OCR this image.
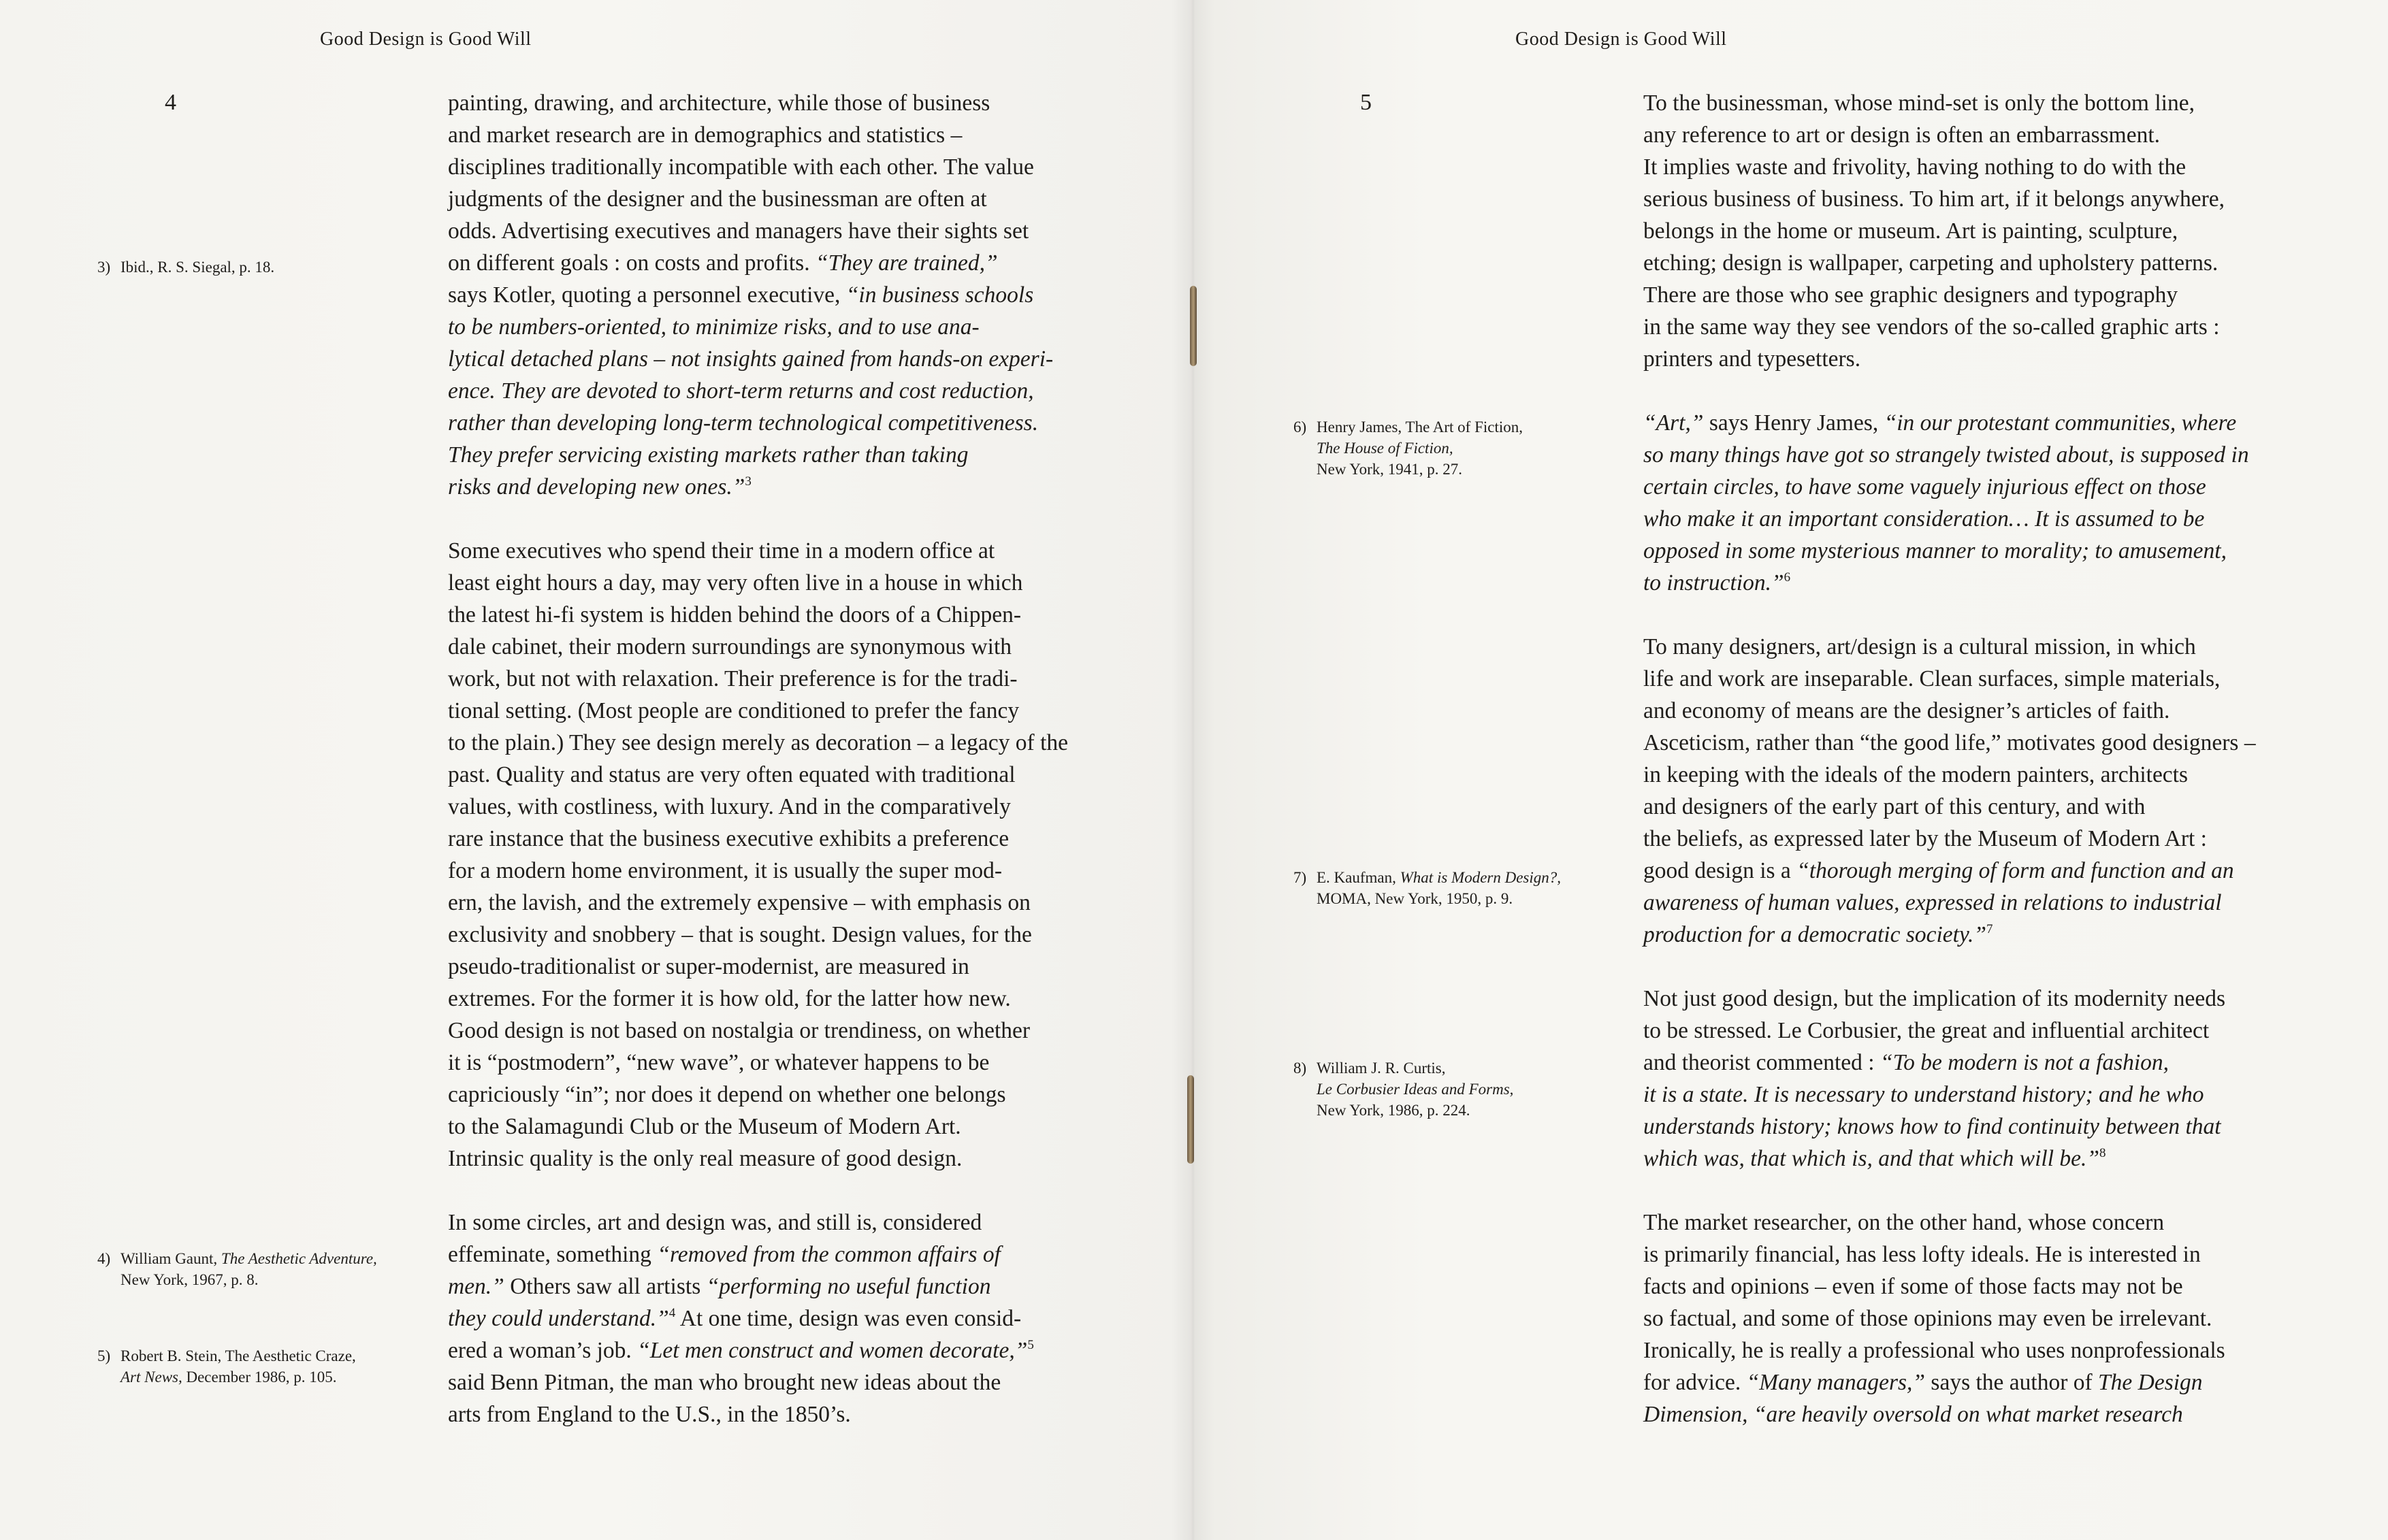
Good Design is Good Will
4	painting, drawing, and architecture, while those of business
and market research are in demographics and statistics –
disciplines traditionally incompatible with each other. The value
judgments of the designer and the businessman are often at
odds. Advertising executives and managers have their sights set
on different goals : on costs and profits. “They are trained,”
says Kotler, quoting a personnel executive, “in business schools
to be numbers-oriented, to minimize risks, and to use ana-
lytical detached plans – not insights gained from hands-on experi-
ence. They are devoted to short-term returns and cost reduction,
rather than developing long-term technological competitiveness.
They prefer servicing existing markets rather than taking
risks and developing new ones.”$^3$
Some executives who spend their time in a modern office at
least eight hours a day, may very often live in a house in which
the latest hi-fi system is hidden behind the doors of a Chippen-
dale cabinet, their modern surroundings are synonymous with
work, but not with relaxation. Their preference is for the tradi-
tional setting. (Most people are conditioned to prefer the fancy
to the plain.) They see design merely as decoration – a legacy of the
past. Quality and status are very often equated with traditional
values, with costliness, with luxury. And in the comparatively
rare instance that the business executive exhibits a preference
for a modern home environment, it is usually the super mod-
ern, the lavish, and the extremely expensive – with emphasis on
exclusivity and snobbery – that is sought. Design values, for the
pseudo-traditionalist or super-modernist, are measured in
extremes. For the former it is how old, for the latter how new.
Good design is not based on nostalgia or trendiness, on whether
it is “postmodern”, “new wave”, or whatever happens to be
capriciously “in”; nor does it depend on whether one belongs
to the Salamagundi Club or the Museum of Modern Art.
Intrinsic quality is the only real measure of good design.
In some circles, art and design was, and still is, considered
effeminate, something “removed from the common affairs of
men.” Others saw all artists “performing no useful function
they could understand.”$^4$ At one time, design was even consid-
ered a woman’s job. “Let men construct and women decorate,”$^5$
said Benn Pitman, the man who brought new ideas about the
arts from England to the U.S., in the 1850’s.
3) Ibid., R. S. Siegal, p. 18.
4) William Gaunt, The Aesthetic Adventure,
New York, 1967, p. 8.
5) Robert B. Stein, The Aesthetic Craze,
Art News, December 1986, p. 105.
Good Design is Good Will
5	To the businessman, whose mind-set is only the bottom line,
any reference to art or design is often an embarrassment.
It implies waste and frivolity, having nothing to do with the
serious business of business. To him art, if it belongs anywhere,
belongs in the home or museum. Art is painting, sculpture,
etching; design is wallpaper, carpeting and upholstery patterns.
There are those who see graphic designers and typography
in the same way they see vendors of the so-called graphic arts :
printers and typesetters.
“Art,” says Henry James, “in our protestant communities, where
so many things have got so strangely twisted about, is supposed in
certain circles, to have some vaguely injurious effect on those
who make it an important consideration… It is assumed to be
opposed in some mysterious manner to morality; to amusement,
to instruction.”$^6$
To many designers, art/design is a cultural mission, in which
life and work are inseparable. Clean surfaces, simple materials,
and economy of means are the designer’s articles of faith.
Asceticism, rather than “the good life,” motivates good designers –
in keeping with the ideals of the modern painters, architects
and designers of the early part of this century, and with
the beliefs, as expressed later by the Museum of Modern Art :
good design is a “thorough merging of form and function and an
awareness of human values, expressed in relations to industrial
production for a democratic society.”$^7$
Not just good design, but the implication of its modernity needs
to be stressed. Le Corbusier, the great and influential architect
and theorist commented : “To be modern is not a fashion,
it is a state. It is necessary to understand history; and he who
understands history; knows how to find continuity between that
which was, that which is, and that which will be.”$^8$
The market researcher, on the other hand, whose concern
is primarily financial, has less lofty ideals. He is interested in
facts and opinions – even if some of those facts may not be
so factual, and some of those opinions may even be irrelevant.
Ironically, he is really a professional who uses nonprofessionals
for advice. “Many managers,” says the author of The Design
Dimension, “are heavily oversold on what market research
6) Henry James, The Art of Fiction,
The House of Fiction,
New York, 1941, p. 27.
7) E. Kaufman, What is Modern Design?,
MOMA, New York, 1950, p. 9.
8) William J. R. Curtis,
Le Corbusier Ideas and Forms,
New York, 1986, p. 224.
